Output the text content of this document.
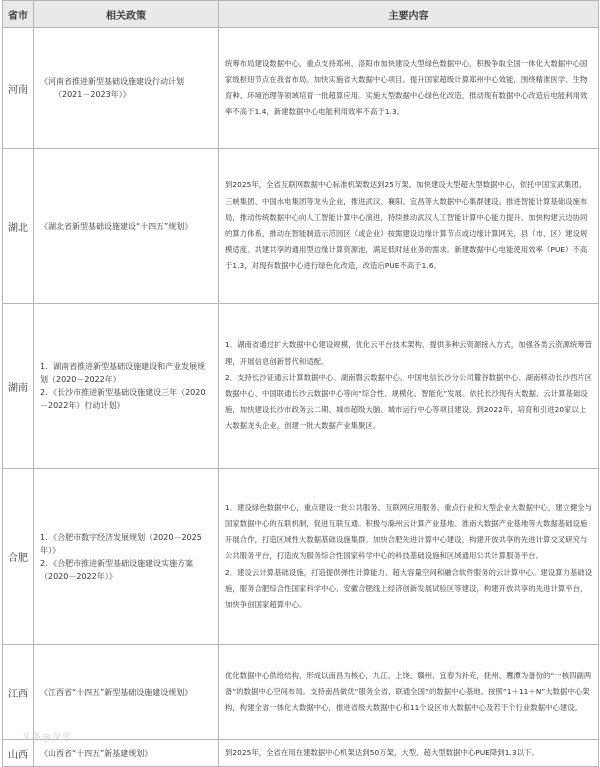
省市	相关政策	主要内容
河南	《河南省推进新型基础设施建设行动计划
（2021－2023年）》	统筹布局建设数据中心，重点支持郑州、洛阳市加快建设大型绿色数据中心，积极争取全国一体化大数据中心国家级枢纽节点在我省布局。加快实施省大数据中心项目。提升国家超级计算郑州中心效能，围绕精准医学、生物育种、环境治理等领域培育一批超算应用。实施大型数据中心绿色化改造，推动现有数据中心改造后电能利用效率不高于1.4，新建数据中心电能利用效率不高于1.3。

湖北	《湖北省新型基础设施建设“十四五”规划》	到2025年，全省互联网数据中心标准机架数达到25万架。加快建设大型超大型数据中心，依托中国宝武集团、三峡集团、中国水电集团等龙头企业，推进武汉、襄阳、宜昌等大数据中心集群建设。推进智能计算基础设施布局，推动传统数据中心向人工智能计算中心演进，持续推动武汉人工智能计算中心能力提升。加快构建云边协同的算力体系，推动在智能制造示范园区（或企业）按需建设边缘计算节点或边缘计算网关，县（市、区）建设规模适度、共建共享的通用型边缘计算资源池，满足低时延业务的需求。新建数据中心电能使用效率（PUE）不高于1.3，对现有数据中心进行绿色化改造，改造后PUE不高于1.6。

湖南	1．湖南省推进新型基础设施建设和产业发展规划（2020－2022年）
2．《长沙市推进新型基础设施建设三年（2020－2022年）行动计划》	1．湖南省通过扩大数据中心建设规模，优化云平台技术架构，提供多种云资源接入方式，加强各类云资源统筹管理，开展信息创新替代和适配。
2．支持长沙证通云计算数据中心、湖南磐云数据中心、中国电信长沙分公司麓谷数据中心、湖南移动长沙西片区数据中心、中国联通长沙云数据中心等向“综合性、规模化、智能化”发展。依托长沙现有大数据、云计算基础设施，加快建设长沙市政务云二期、城市超级大脑、城市运行中心等项目建设。到2022年，培育和引进20家以上大数据龙头企业，创建一批大数据产业集聚区。

合肥	1．《合肥市数字经济发展规划（2020－2025年）》
2．《合肥市推进新型基础设施建设实施方案（2020－2022年）》	1．建设绿色数据中心，重点建设一批公共服务、互联网应用服务、重点行业和大型企业大数据中心，建立健全与国家数据中心的互联机制，促进互联互通。积极与滁州云计算产业基地、淮南大数据产业基地等大数据基础设施开展合作，打造区域性大数据基础设施集群。加快合肥先进计算中心建设，构建开放共享的先进计算交叉研究与公共服务平台，打造成为服务综合性国家科学中心的科技基础设施和区域通用公共计算服务平台。
2．建设云计算基础设施，打造提供弹性计算能力、超大容量空间和融合软件服务的云计算中心。建设算力基础设施，服务合肥综合性国家科学中心、安徽合肥线上经济创新发展试验区等建设，构建开放共享的先进计算平台，加快争创国家超算中心。

江西	《江西省“十四五”新型基础设施建设规划》	优化数据中心供给结构，形成以南昌为核心，九江、上饶、赣州、宜春为补充，抚州、鹰潭为备份的“一核四副两备”的数据中心空间布局。支持南昌做优“服务全省、联通全国”的数据中心基地。按照“1＋11＋N”大数据中心架构，构建全省一体化大数据中心，推进省级大数据中心和11个设区市大数据中心及若干个行业数据中心建设。

山西	《山西省“十四五”新基建规划》	到2025年，全省在用在建数据中心机架达到50万架，大型、超大型数据中心PUE降到1.3以下。
头条@深思
